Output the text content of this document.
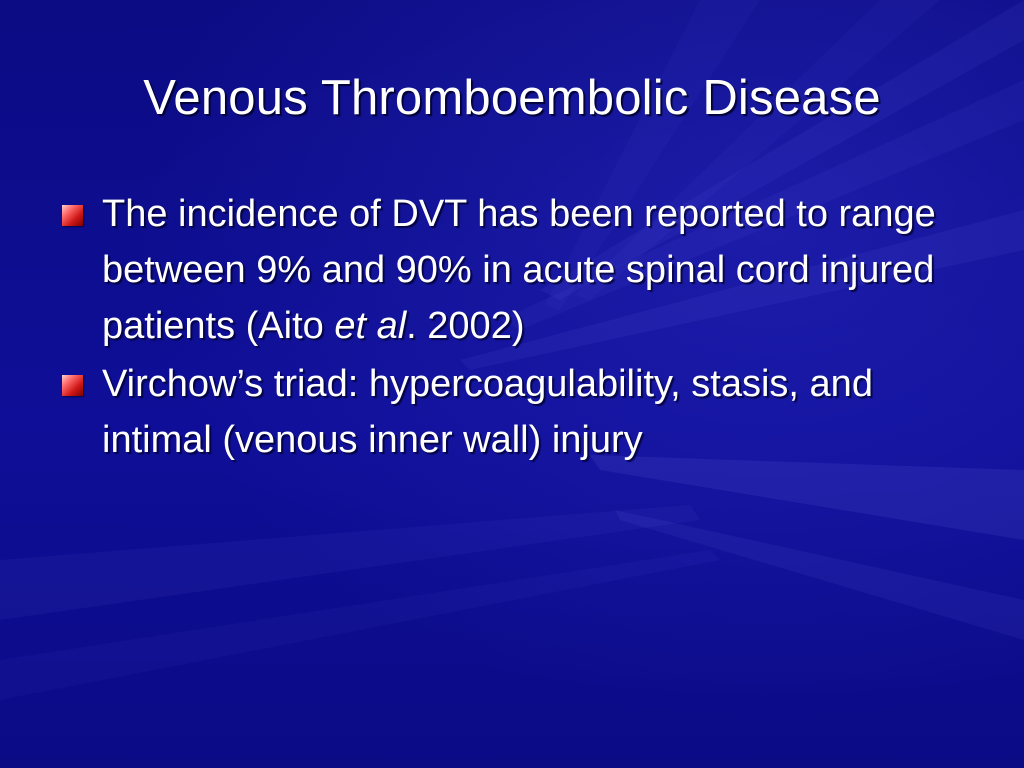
Venous Thromboembolic Disease
The incidence of DVT has been reported to range between 9% and 90% in acute spinal cord injured patients (Aito et al. 2002)
Virchow’s triad: hypercoagulability, stasis, and intimal (venous inner wall) injury
